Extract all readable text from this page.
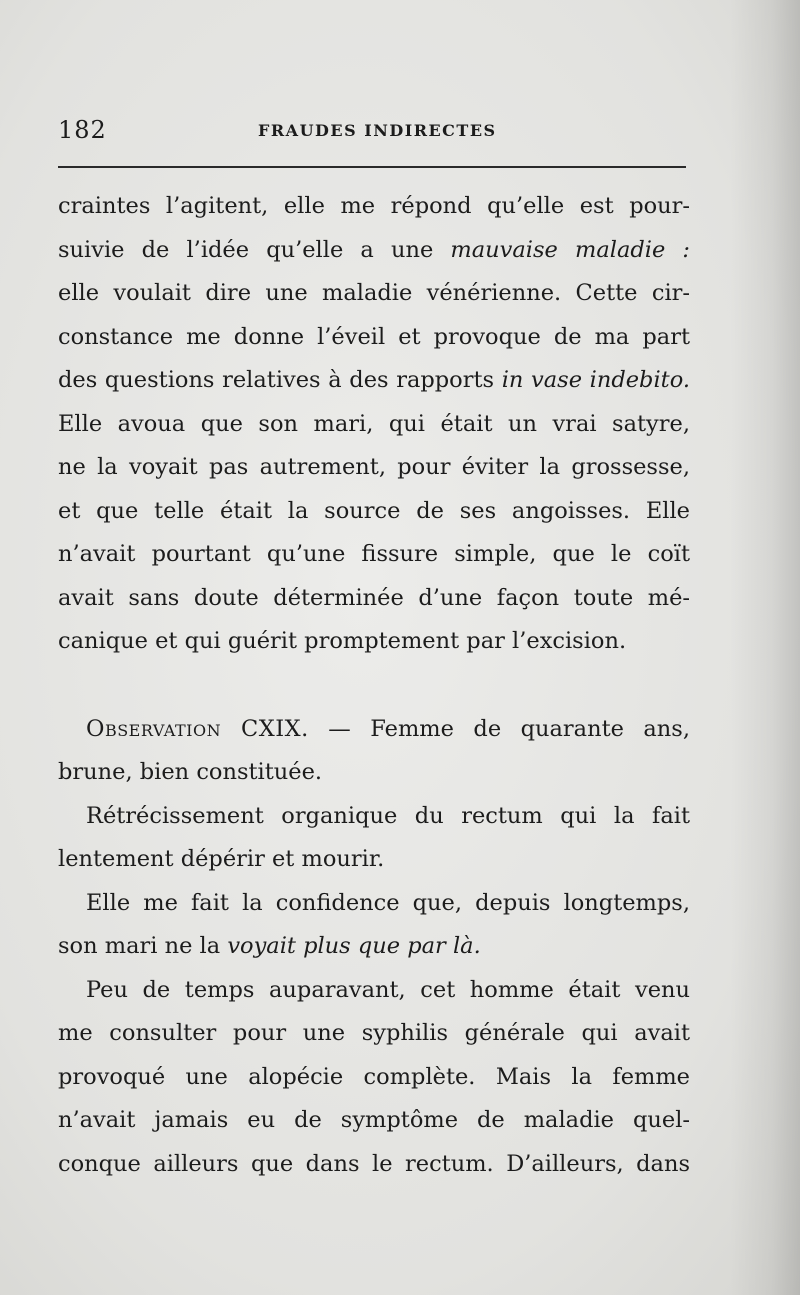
182	FRAUDES INDIRECTES
craintes l’agitent, elle me répond qu’elle est pour-
suivie de l’idée qu’elle a une mauvaise maladie :
elle voulait dire une maladie vénérienne. Cette cir-
constance me donne l’éveil et provoque de ma part
des questions relatives à des rapports in vase indebito.
Elle avoua que son mari, qui était un vrai satyre,
ne la voyait pas autrement, pour éviter la grossesse,
et que telle était la source de ses angoisses. Elle
n’avait pourtant qu’une fissure simple, que le coït
avait sans doute déterminée d’une façon toute mé-
canique et qui guérit promptement par l’excision.
Observation CXIX. — Femme de quarante ans,
brune, bien constituée.
Rétrécissement organique du rectum qui la fait
lentement dépérir et mourir.
Elle me fait la confidence que, depuis longtemps,
son mari ne la voyait plus que par là.
Peu de temps auparavant, cet homme était venu
me consulter pour une syphilis générale qui avait
provoqué une alopécie complète. Mais la femme
n’avait jamais eu de symptôme de maladie quel-
conque ailleurs que dans le rectum. D’ailleurs, dans
